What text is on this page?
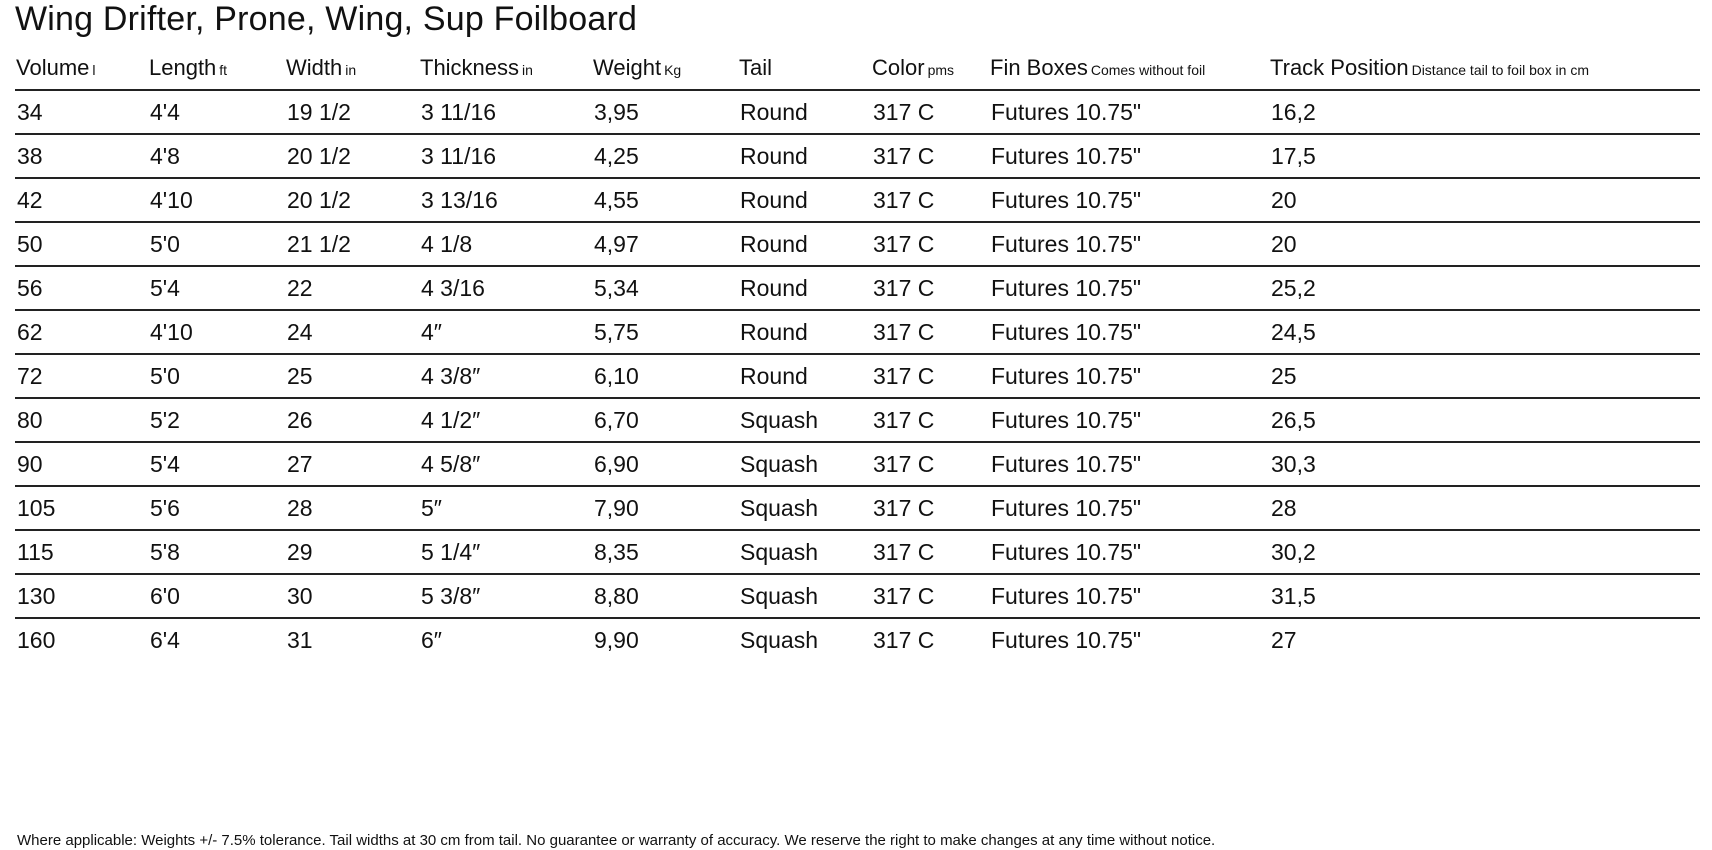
Wing Drifter, Prone, Wing, Sup Foilboard
Volume l	Length ft	Width in	Thickness in	Weight Kg	Tail	Color pms	Fin Boxes Comes without foil	Track Position Distance tail to foil box in cm
34	4'4	19 1/2	3 11/16	3,95	Round	317 C	Futures 10.75"	16,2
38	4'8	20 1/2	3 11/16	4,25	Round	317 C	Futures 10.75"	17,5
42	4'10	20 1/2	3 13/16	4,55	Round	317 C	Futures 10.75"	20
50	5'0	21 1/2	4 1/8	4,97	Round	317 C	Futures 10.75"	20
56	5'4	22	4 3/16	5,34	Round	317 C	Futures 10.75"	25,2
62	4'10	24	4″	5,75	Round	317 C	Futures 10.75"	24,5
72	5'0	25	4 3/8″	6,10	Round	317 C	Futures 10.75"	25
80	5'2	26	4 1/2″	6,70	Squash	317 C	Futures 10.75"	26,5
90	5'4	27	4 5/8″	6,90	Squash	317 C	Futures 10.75"	30,3
105	5'6	28	5″	7,90	Squash	317 C	Futures 10.75"	28
115	5'8	29	5 1/4″	8,35	Squash	317 C	Futures 10.75"	30,2
130	6'0	30	5 3/8″	8,80	Squash	317 C	Futures 10.75"	31,5
160	6'4	31	6″	9,90	Squash	317 C	Futures 10.75"	27
Where applicable: Weights +/- 7.5% tolerance. Tail widths at 30 cm from tail. No guarantee or warranty of accuracy. We reserve the right to make changes at any time without notice.
